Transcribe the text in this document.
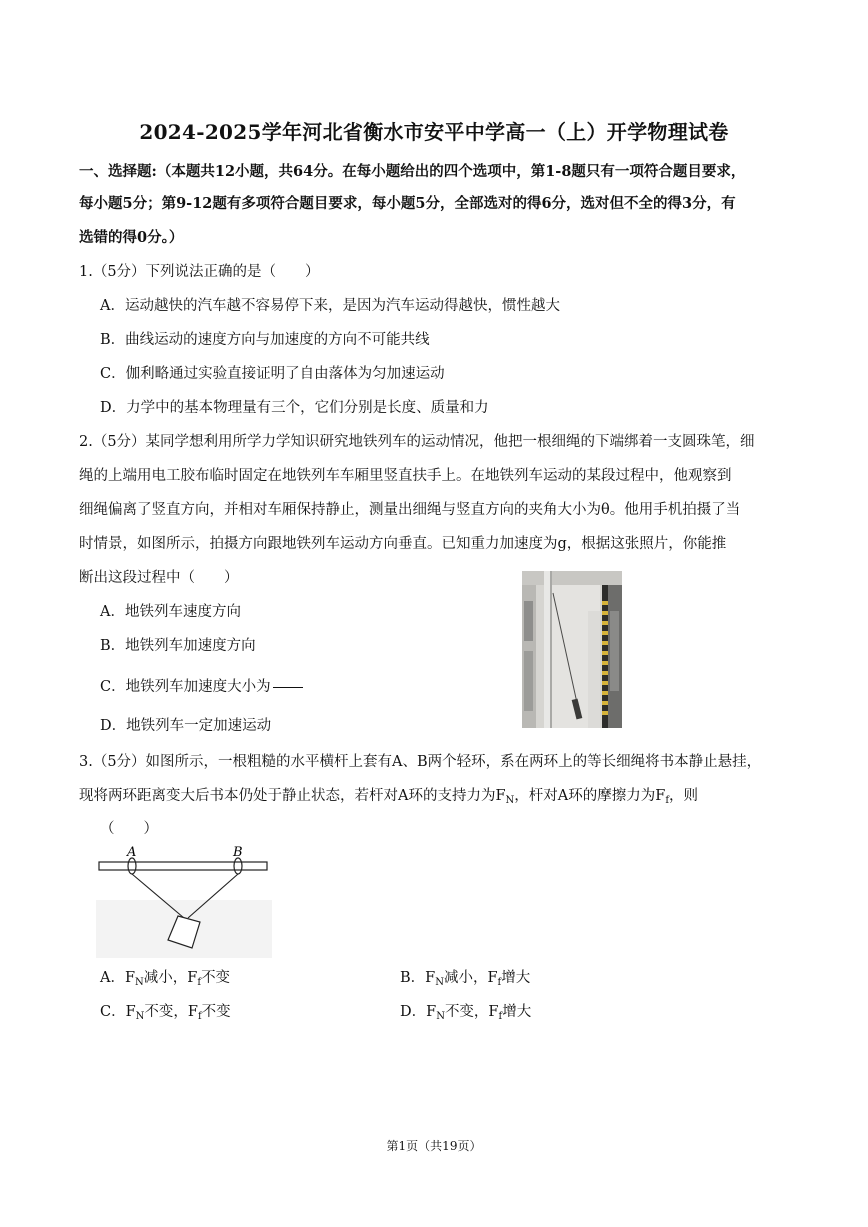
2024-2025学年河北省衡水市安平中学高一（上）开学物理试卷
一、选择题:（本题共12小题，共64分。在每小题给出的四个选项中，第1-8题只有一项符合题目要求，
每小题5分；第9-12题有多项符合题目要求，每小题5分，全部选对的得6分，选对但不全的得3分，有
选错的得0分。）
1.（5分）下列说法正确的是（　　）
A．运动越快的汽车越不容易停下来，是因为汽车运动得越快，惯性越大
B．曲线运动的速度方向与加速度的方向不可能共线
C．伽利略通过实验直接证明了自由落体为匀加速运动
D．力学中的基本物理量有三个，它们分别是长度、质量和力
2.（5分）某同学想利用所学力学知识研究地铁列车的运动情况，他把一根细绳的下端绑着一支圆珠笔，细
绳的上端用电工胶布临时固定在地铁列车车厢里竖直扶手上。在地铁列车运动的某段过程中，他观察到
细绳偏离了竖直方向，并相对车厢保持静止，测量出细绳与竖直方向的夹角大小为θ。他用手机拍摄了当
时情景，如图所示，拍摄方向跟地铁列车运动方向垂直。已知重力加速度为g，根据这张照片，你能推
断出这段过程中（　　）
A．地铁列车速度方向
B．地铁列车加速度方向
C．地铁列车加速度大小为
D．地铁列车一定加速运动
3.（5分）如图所示，一根粗糙的水平横杆上套有A、B两个轻环，系在两环上的等长细绳将书本静止悬挂，
现将两环距离变大后书本仍处于静止状态，若杆对A环的支持力为$F_N$，杆对A环的摩擦力为$F_f$，则
（　　）
A	B
A．$F_N$减小，$F_f$不变	B．$F_N$减小，$F_f$增大
C．$F_N$不变，$F_f$不变	D．$F_N$不变，$F_f$增大
第1页（共19页）
